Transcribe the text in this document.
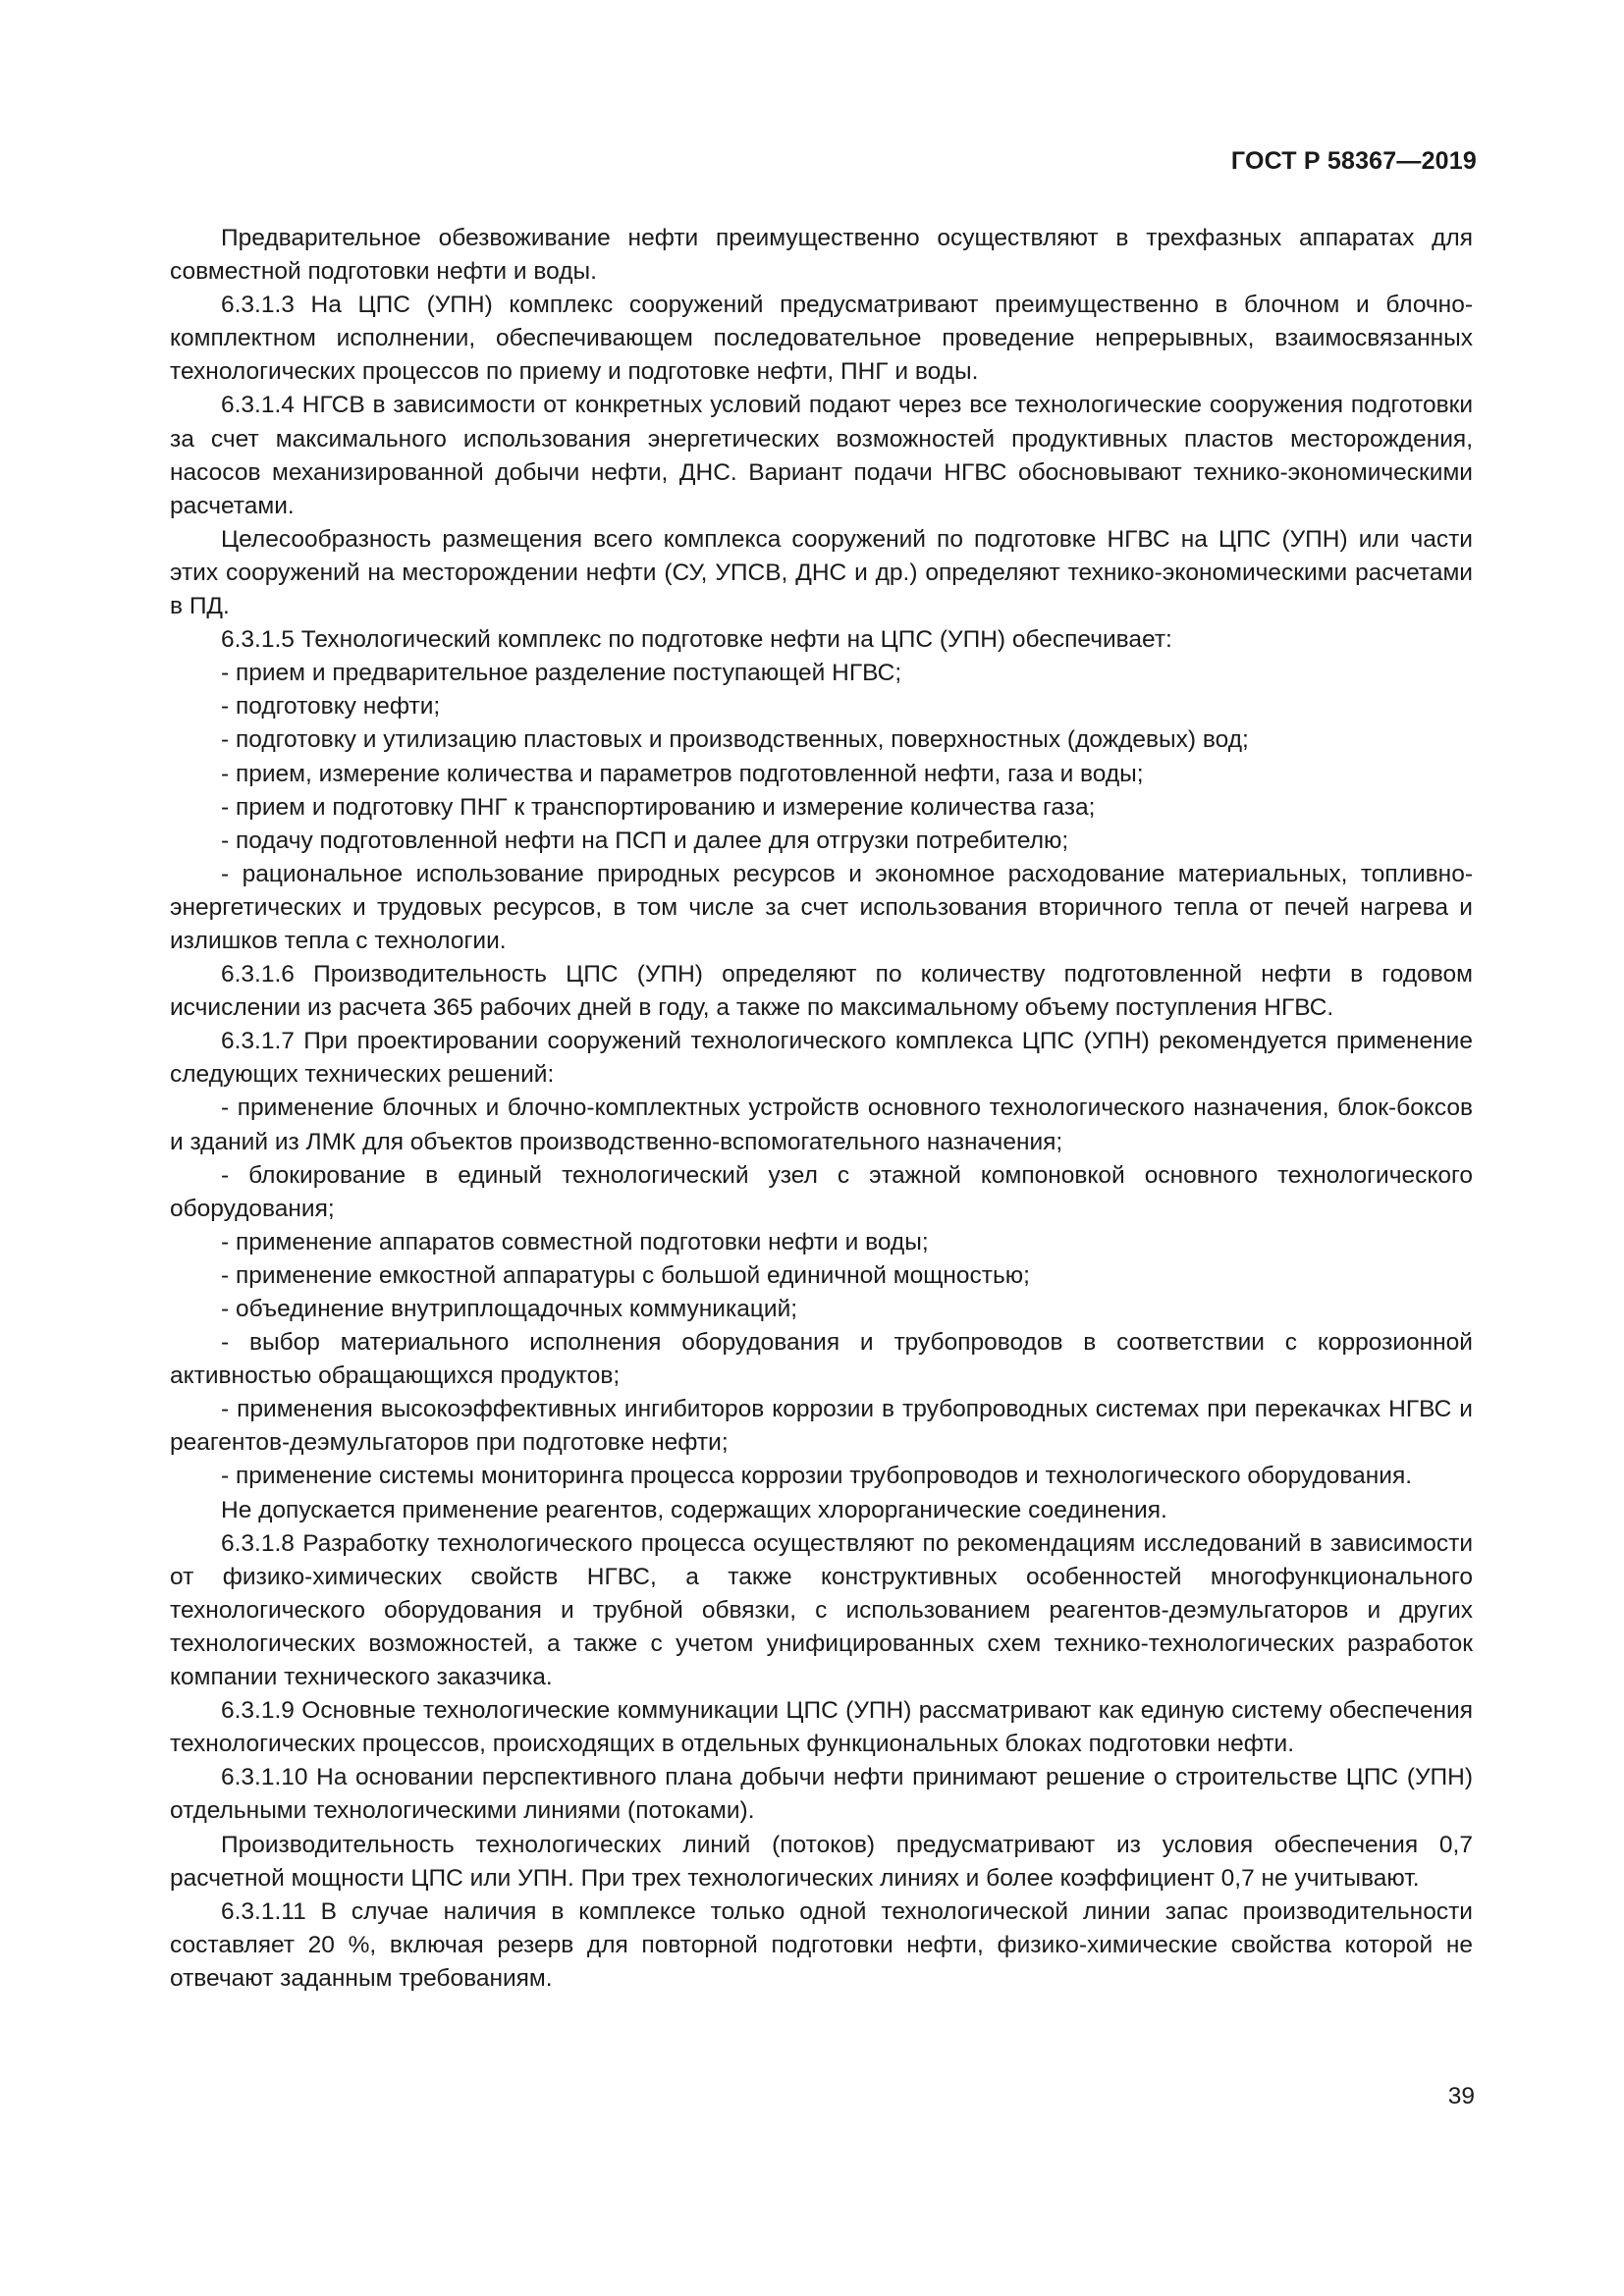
ГОСТ Р 58367—2019

Предварительное обезвоживание нефти преимущественно осуществляют в трехфазных аппаратах для совместной подготовки нефти и воды.

6.3.1.3 На ЦПС (УПН) комплекс сооружений предусматривают преимущественно в блочном и блочно-комплектном исполнении, обеспечивающем последовательное проведение непрерывных, взаимосвязанных технологических процессов по приему и подготовке нефти, ПНГ и воды.

6.3.1.4 НГСВ в зависимости от конкретных условий подают через все технологические сооружения подготовки за счет максимального использования энергетических возможностей продуктивных пластов месторождения, насосов механизированной добычи нефти, ДНС. Вариант подачи НГВС обосновывают технико-экономическими расчетами.

Целесообразность размещения всего комплекса сооружений по подготовке НГВС на ЦПС (УПН) или части этих сооружений на месторождении нефти (СУ, УПСВ, ДНС и др.) определяют технико-экономическими расчетами в ПД.

6.3.1.5 Технологический комплекс по подготовке нефти на ЦПС (УПН) обеспечивает:

- прием и предварительное разделение поступающей НГВС;

- подготовку нефти;

- подготовку и утилизацию пластовых и производственных, поверхностных (дождевых) вод;

- прием, измерение количества и параметров подготовленной нефти, газа и воды;

- прием и подготовку ПНГ к транспортированию и измерение количества газа;

- подачу подготовленной нефти на ПСП и далее для отгрузки потребителю;

- рациональное использование природных ресурсов и экономное расходование материальных, топливно-энергетических и трудовых ресурсов, в том числе за счет использования вторичного тепла от печей нагрева и излишков тепла с технологии.

6.3.1.6 Производительность ЦПС (УПН) определяют по количеству подготовленной нефти в годовом исчислении из расчета 365 рабочих дней в году, а также по максимальному объему поступления НГВС.

6.3.1.7 При проектировании сооружений технологического комплекса ЦПС (УПН) рекомендуется применение следующих технических решений:

- применение блочных и блочно-комплектных устройств основного технологического назначения, блок-боксов и зданий из ЛМК для объектов производственно-вспомогательного назначения;

- блокирование в единый технологический узел с этажной компоновкой основного технологического оборудования;

- применение аппаратов совместной подготовки нефти и воды;

- применение емкостной аппаратуры с большой единичной мощностью;

- объединение внутриплощадочных коммуникаций;

- выбор материального исполнения оборудования и трубопроводов в соответствии с коррозионной активностью обращающихся продуктов;

- применения высокоэффективных ингибиторов коррозии в трубопроводных системах при перекачках НГВС и реагентов-деэмульгаторов при подготовке нефти;

- применение системы мониторинга процесса коррозии трубопроводов и технологического оборудования.

Не допускается применение реагентов, содержащих хлорорганические соединения.

6.3.1.8 Разработку технологического процесса осуществляют по рекомендациям исследований в зависимости от физико-химических свойств НГВС, а также конструктивных особенностей многофункционального технологического оборудования и трубной обвязки, с использованием реагентов-деэмульгаторов и других технологических возможностей, а также с учетом унифицированных схем технико-технологических разработок компании технического заказчика.

6.3.1.9 Основные технологические коммуникации ЦПС (УПН) рассматривают как единую систему обеспечения технологических процессов, происходящих в отдельных функциональных блоках подготовки нефти.

6.3.1.10 На основании перспективного плана добычи нефти принимают решение о строительстве ЦПС (УПН) отдельными технологическими линиями (потоками).

Производительность технологических линий (потоков) предусматривают из условия обеспечения 0,7 расчетной мощности ЦПС или УПН. При трех технологических линиях и более коэффициент 0,7 не учитывают.

6.3.1.11 В случае наличия в комплексе только одной технологической линии запас производительности составляет 20 %, включая резерв для повторной подготовки нефти, физико-химические свойства которой не отвечают заданным требованиям.

39
